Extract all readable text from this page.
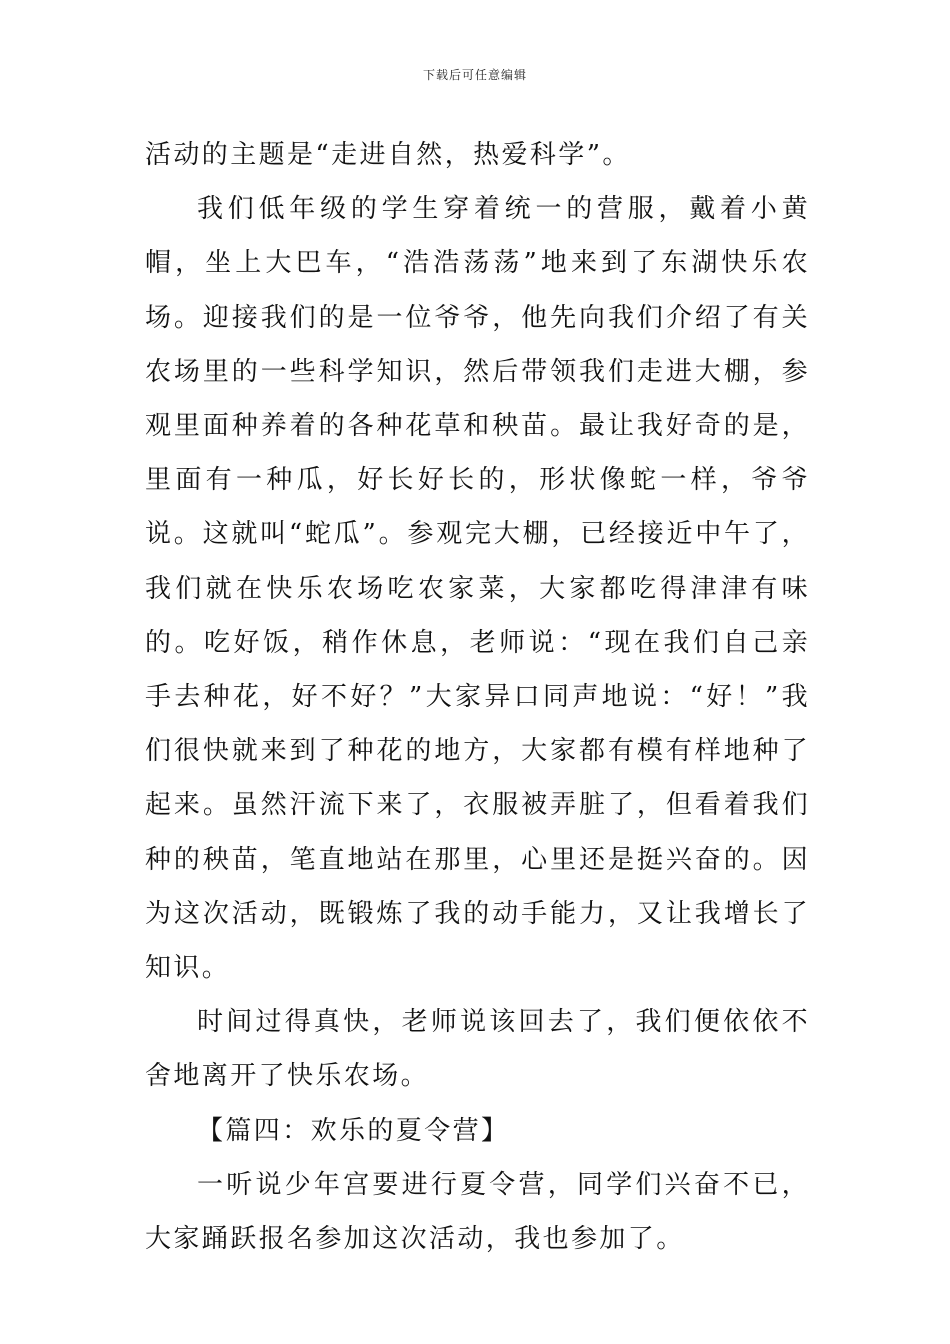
下载后可任意编辑

活动的主题是“走进自然，热爱科学”。

我们低年级的学生穿着统一的营服，戴着小黄帽，坐上大巴车，“浩浩荡荡”地来到了东湖快乐农场。迎接我们的是一位爷爷，他先向我们介绍了有关农场里的一些科学知识，然后带领我们走进大棚，参观里面种养着的各种花草和秧苗。最让我好奇的是，里面有一种瓜，好长好长的，形状像蛇一样，爷爷说。这就叫“蛇瓜”。参观完大棚，已经接近中午了，我们就在快乐农场吃农家菜，大家都吃得津津有味的。吃好饭，稍作休息，老师说：“现在我们自己亲手去种花，好不好？”大家异口同声地说：“好！”我们很快就来到了种花的地方，大家都有模有样地种了起来。虽然汗流下来了，衣服被弄脏了，但看着我们种的秧苗，笔直地站在那里，心里还是挺兴奋的。因为这次活动，既锻炼了我的动手能力，又让我增长了知识。

时间过得真快，老师说该回去了，我们便依依不舍地离开了快乐农场。

【篇四：欢乐的夏令营】

一听说少年宫要进行夏令营，同学们兴奋不已，大家踊跃报名参加这次活动，我也参加了。
